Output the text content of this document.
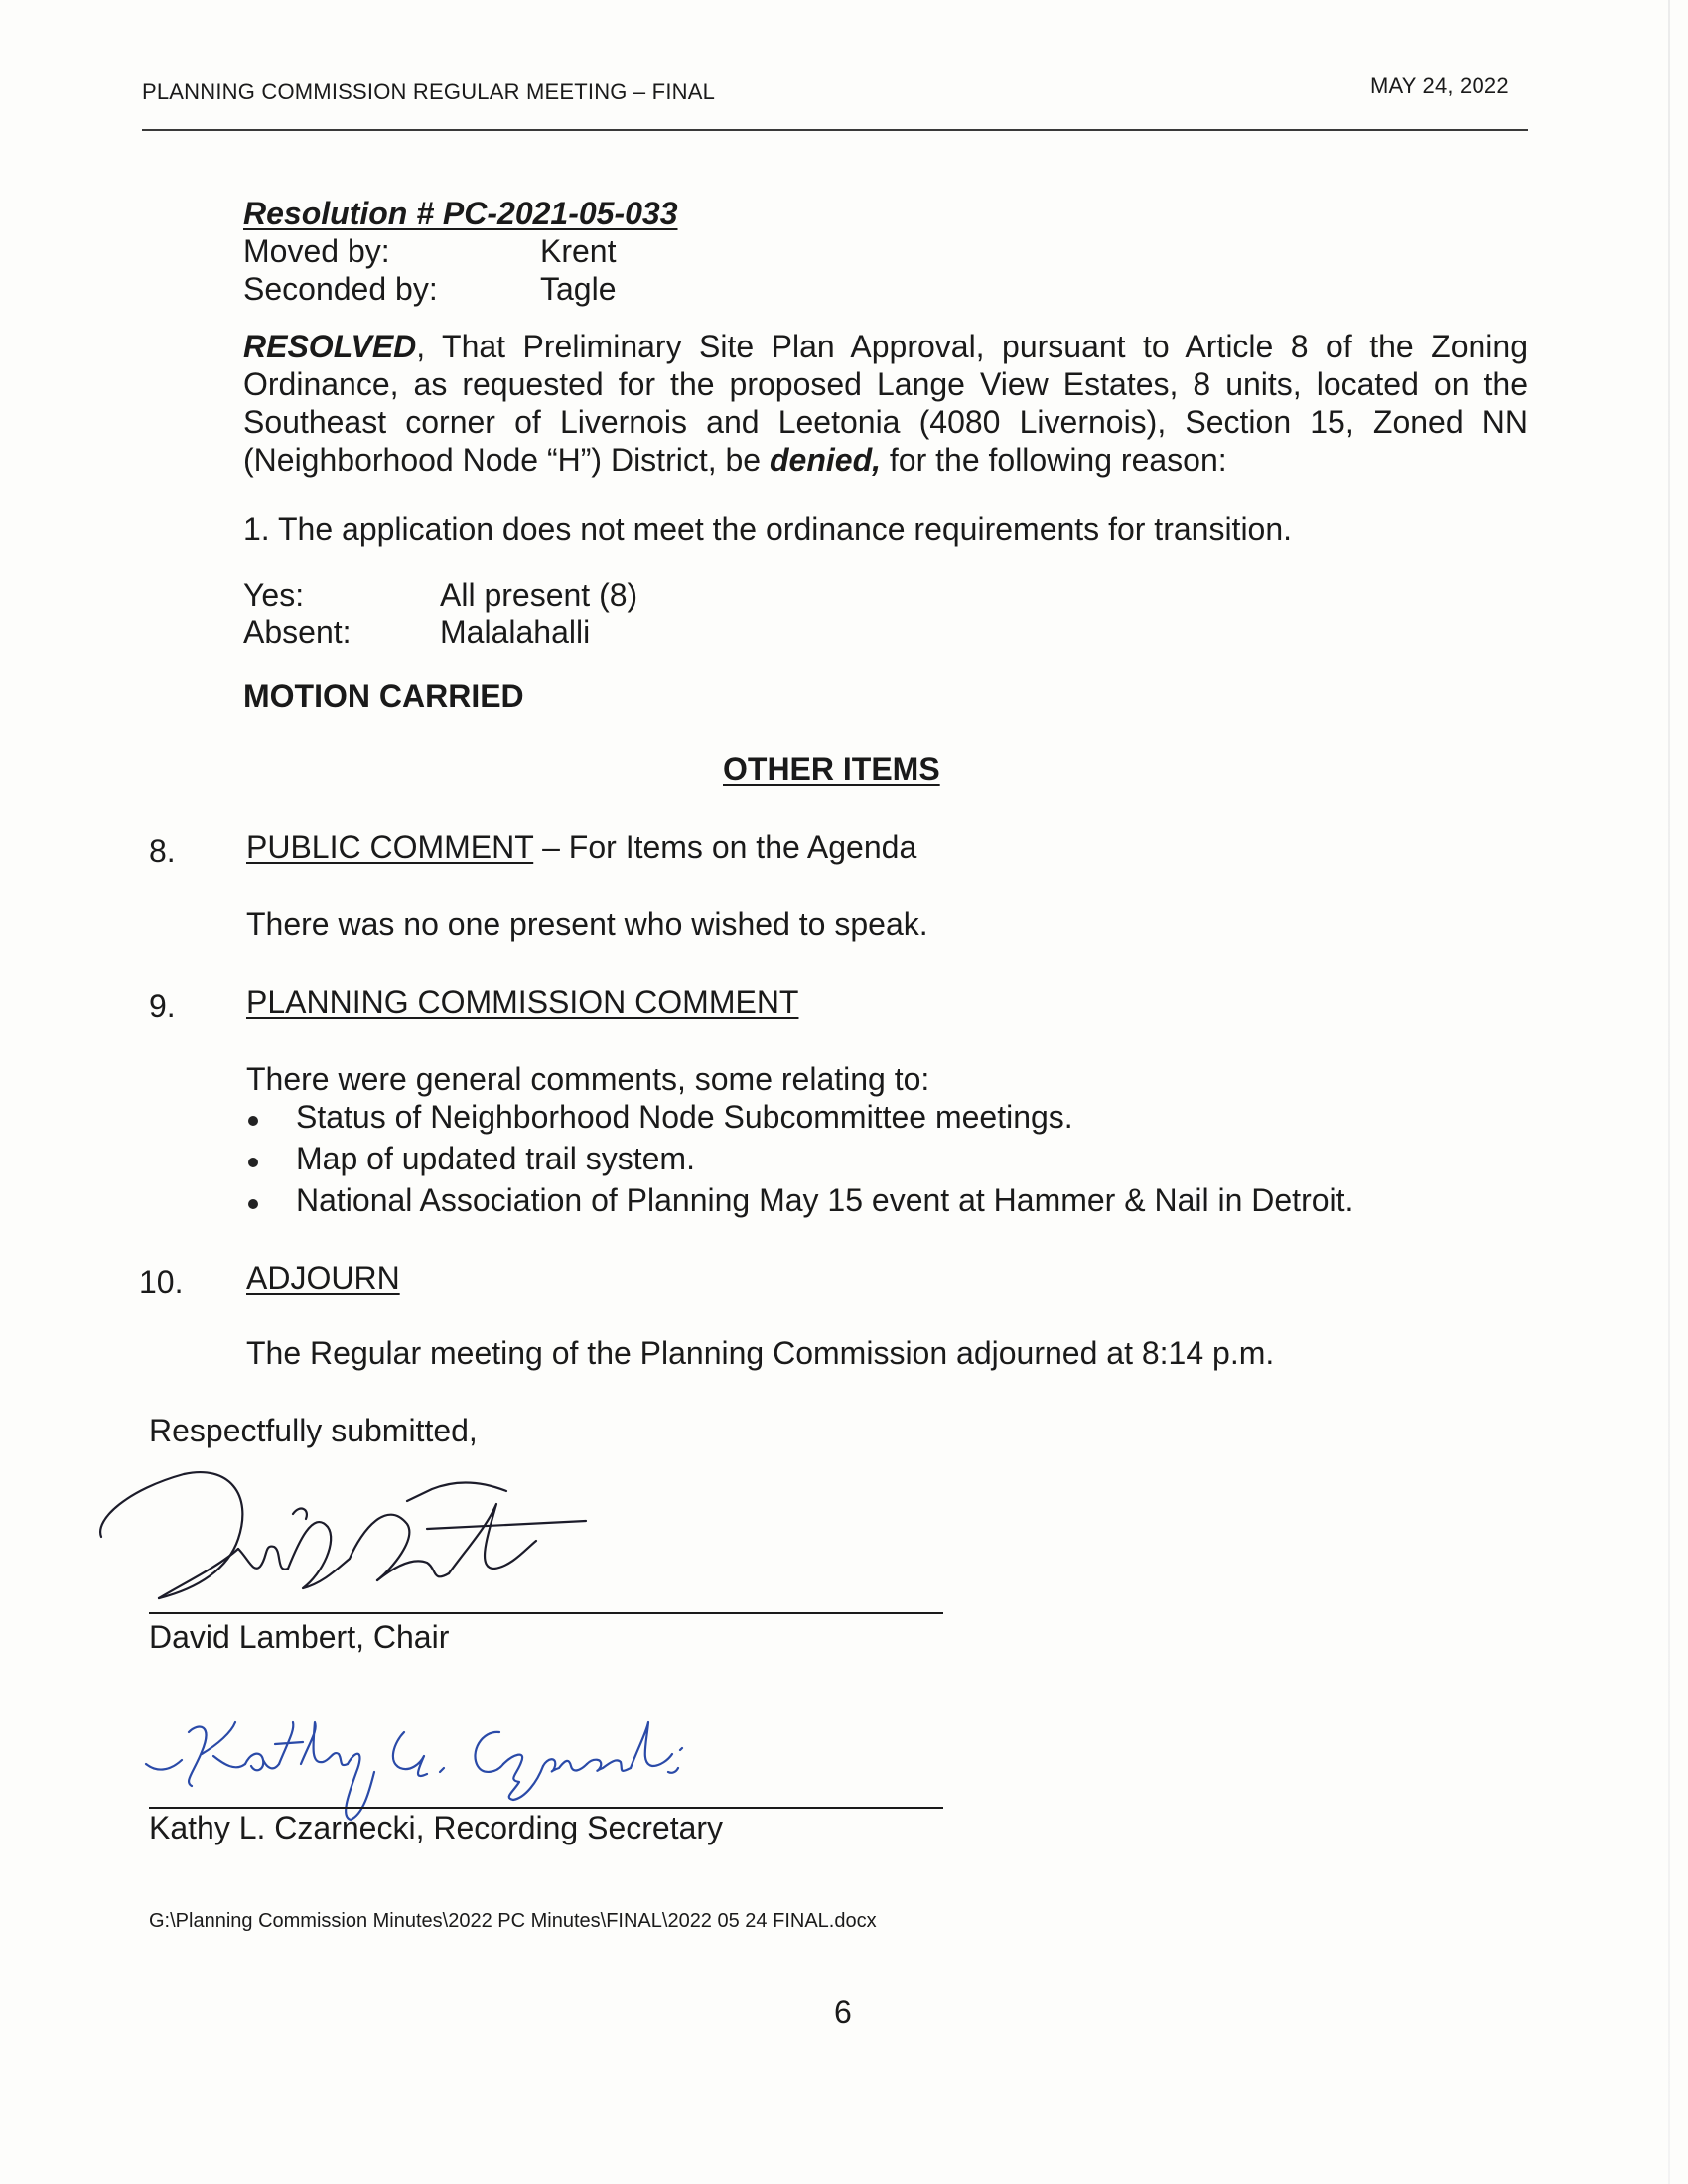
PLANNING COMMISSION REGULAR MEETING – FINAL	MAY 24, 2022
Resolution # PC-2021-05-033
Moved by:	Krent
Seconded by:	Tagle
RESOLVED, That Preliminary Site Plan Approval, pursuant to Article 8 of the Zoning Ordinance, as requested for the proposed Lange View Estates, 8 units, located on the Southeast corner of Livernois and Leetonia (4080 Livernois), Section 15, Zoned NN (Neighborhood Node “H”) District, be denied, for the following reason:
1. The application does not meet the ordinance requirements for transition.
Yes:	All present (8)
Absent:	Malalahalli
MOTION CARRIED
OTHER ITEMS
8. PUBLIC COMMENT – For Items on the Agenda
There was no one present who wished to speak.
9. PLANNING COMMISSION COMMENT
There were general comments, some relating to:
Status of Neighborhood Node Subcommittee meetings.
Map of updated trail system.
National Association of Planning May 15 event at Hammer & Nail in Detroit.
10. ADJOURN
The Regular meeting of the Planning Commission adjourned at 8:14 p.m.
Respectfully submitted,
David Lambert, Chair
Kathy L. Czarnecki, Recording Secretary
G:\Planning Commission Minutes\2022 PC Minutes\FINAL\2022 05 24 FINAL.docx
6
